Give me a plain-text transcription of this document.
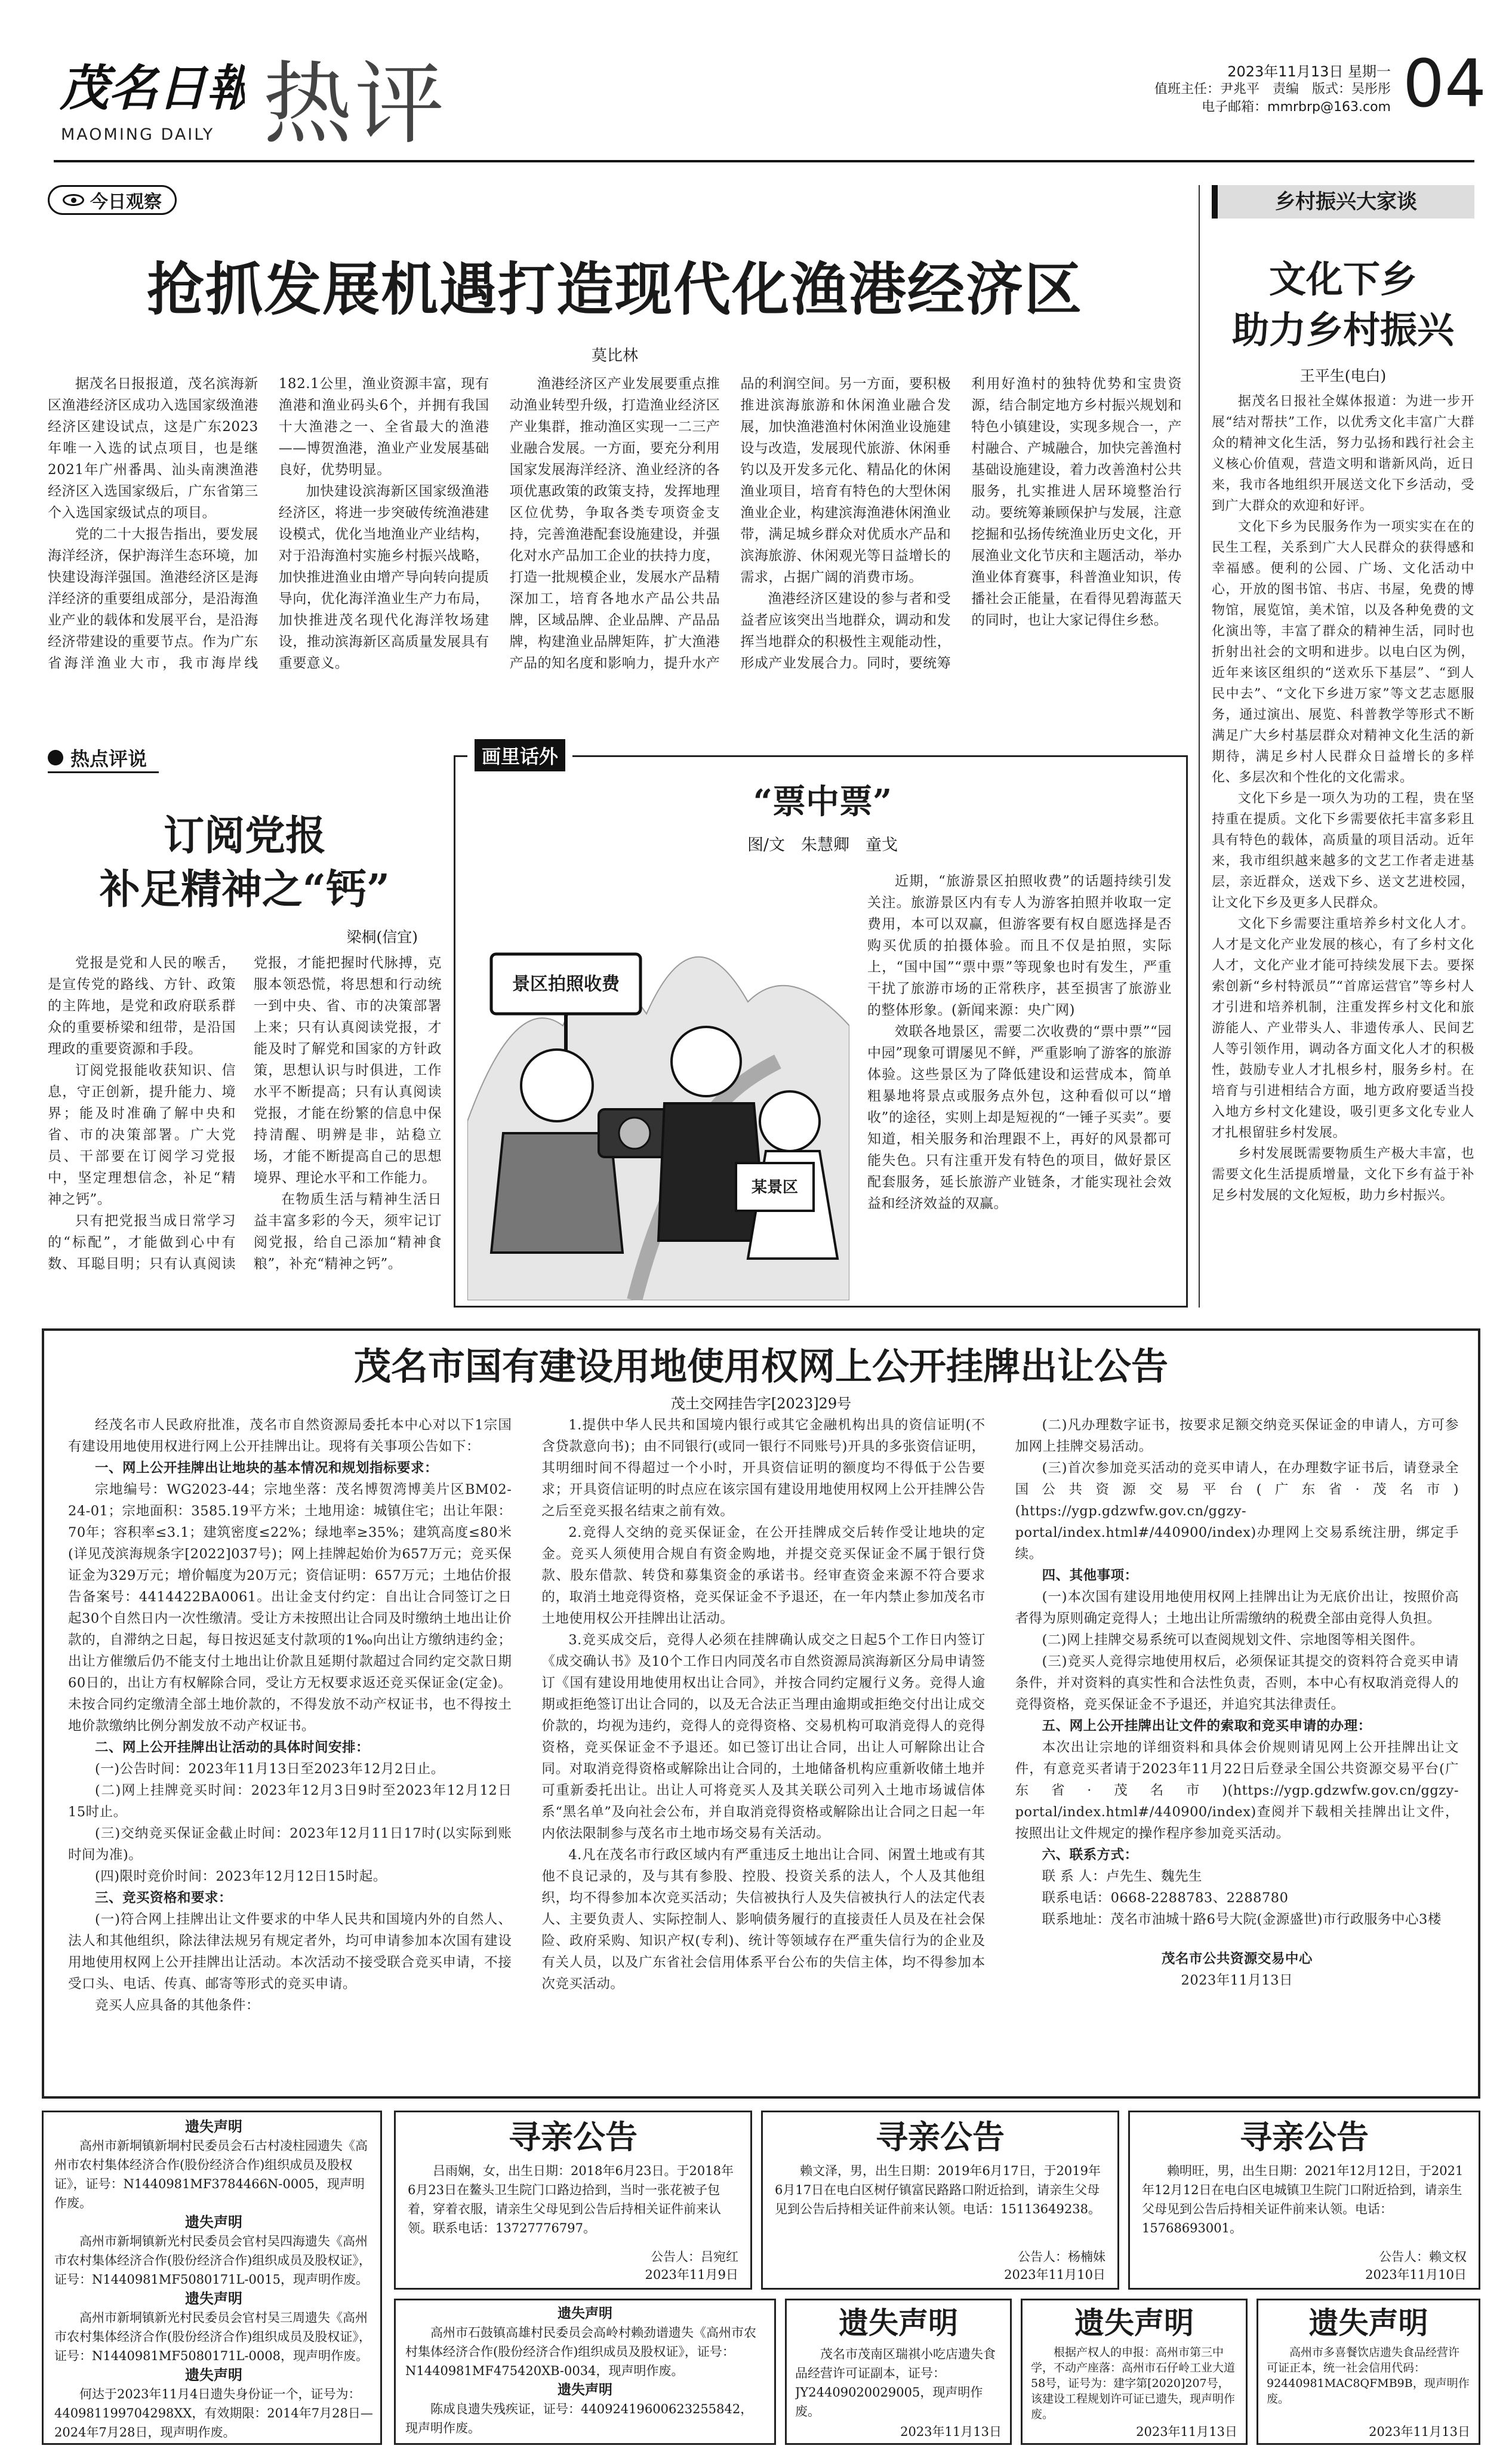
茂名日報
MAOMING DAILY 热评	2023年11月13日 星期一
值班主任：尹兆平　责编　版式：吴彤彤
电子邮箱：mmrbrp@163.com 04
今日观察
抢抓发展机遇打造现代化渔港经济区
莫比林

据茂名日报报道，茂名滨海新区渔港经济区成功入选国家级渔港经济区建设试点，这是广东2023年唯一入选的试点项目，也是继2021年广州番禺、汕头南澳渔港经济区入选国家级后，广东省第三个入选国家级试点的项目。

党的二十大报告指出，要发展海洋经济，保护海洋生态环境，加快建设海洋强国。渔港经济区是海洋经济的重要组成部分，是沿海渔业产业的载体和发展平台，是沿海经济带建设的重要节点。作为广东省海洋渔业大市，我市海岸线182.1公里，渔业资源丰富，现有渔港和渔业码头6个，并拥有我国十大渔港之一、全省最大的渔港——博贺渔港，渔业产业发展基础良好，优势明显。

加快建设滨海新区国家级渔港经济区，将进一步突破传统渔港建设模式，优化当地渔业产业结构，对于沿海渔村实施乡村振兴战略，加快推进渔业由增产导向转向提质导向，优化海洋渔业生产力布局，加快推进茂名现代化海洋牧场建设，推动滨海新区高质量发展具有重要意义。

渔港经济区产业发展要重点推动渔业转型升级，打造渔业经济区产业集群，推动渔区实现一二三产业融合发展。一方面，要充分利用国家发展海洋经济、渔业经济的各项优惠政策的政策支持，发挥地理区位优势，争取各类专项资金支持，完善渔港配套设施建设，并强化对水产品加工企业的扶持力度，打造一批规模企业，发展水产品精深加工，培育各地水产品公共品牌，区域品牌、企业品牌、产品品牌，构建渔业品牌矩阵，扩大渔港产品的知名度和影响力，提升水产品的利润空间。另一方面，要积极推进滨海旅游和休闲渔业融合发展，加快渔港渔村休闲渔业设施建设与改造，发展现代旅游、休闲垂钓以及开发多元化、精品化的休闲渔业项目，培育有特色的大型休闲渔业企业，构建滨海渔港休闲渔业带，满足城乡群众对优质水产品和滨海旅游、休闲观光等日益增长的需求，占据广阔的消费市场。

渔港经济区建设的参与者和受益者应该突出当地群众，调动和发挥当地群众的积极性主观能动性，形成产业发展合力。同时，要统筹利用好渔村的独特优势和宝贵资源，结合制定地方乡村振兴规划和特色小镇建设，实现多规合一，产村融合、产城融合，加快完善渔村基础设施建设，着力改善渔村公共服务，扎实推进人居环境整治行动。要统筹兼顾保护与发展，注意挖掘和弘扬传统渔业历史文化，开展渔业文化节庆和主题活动，举办渔业体育赛事，科普渔业知识，传播社会正能量，在看得见碧海蓝天的同时，也让大家记得住乡愁。

乡村振兴大家谈
文化下乡
助力乡村振兴
王平生(电白)

据茂名日报社全媒体报道：为进一步开展“结对帮扶”工作，以优秀文化丰富广大群众的精神文化生活，努力弘扬和践行社会主义核心价值观，营造文明和谐新风尚，近日来，我市各地组织开展送文化下乡活动，受到广大群众的欢迎和好评。

文化下乡为民服务作为一项实实在在的民生工程，关系到广大人民群众的获得感和幸福感。便利的公园、广场、文化活动中心，开放的图书馆、书店、书屋，免费的博物馆，展览馆，美术馆，以及各种免费的文化演出等，丰富了群众的精神生活，同时也折射出社会的文明和进步。以电白区为例，近年来该区组织的“送欢乐下基层”、“到人民中去”、“文化下乡进万家”等文艺志愿服务，通过演出、展览、科普教学等形式不断满足广大乡村基层群众对精神文化生活的新期待，满足乡村人民群众日益增长的多样化、多层次和个性化的文化需求。

文化下乡是一项久为功的工程，贵在坚持重在提质。文化下乡需要依托丰富多彩且具有特色的载体，高质量的项目活动。近年来，我市组织越来越多的文艺工作者走进基层，亲近群众，送戏下乡、送文艺进校园，让文化下乡及更多人民群众。

文化下乡需要注重培养乡村文化人才。人才是文化产业发展的核心，有了乡村文化人才，文化产业才能可持续发展下去。要探索创新“乡村特派员”“首席运营官”等乡村人才引进和培养机制，注重发挥乡村文化和旅游能人、产业带头人、非遗传承人、民间艺人等引领作用，调动各方面文化人才的积极性，鼓励专业人才扎根乡村，服务乡村。在培育与引进相结合方面，地方政府要适当投入地方乡村文化建设，吸引更多文化专业人才扎根留驻乡村发展。

乡村发展既需要物质生产极大丰富，也需要文化生活提质增量，文化下乡有益于补足乡村发展的文化短板，助力乡村振兴。

热点评说
订阅党报
补足精神之“钙”
梁桐(信宜)

党报是党和人民的喉舌，是宣传党的路线、方针、政策的主阵地，是党和政府联系群众的重要桥梁和纽带，是沿国理政的重要资源和手段。

订阅党报能收获知识、信息，守正创新，提升能力、境界；能及时准确了解中央和省、市的决策部署。广大党员、干部要在订阅学习党报中，坚定理想信念，补足“精神之钙”。

只有把党报当成日常学习的“标配”，才能做到心中有数、耳聪目明；只有认真阅读党报，才能把握时代脉搏，克服本领恐慌，将思想和行动统一到中央、省、市的决策部署上来；只有认真阅读党报，才能及时了解党和国家的方针政策，思想认识与时俱进，工作水平不断提高；只有认真阅读党报，才能在纷繁的信息中保持清醒、明辨是非，站稳立场，才能不断提高自己的思想境界、理论水平和工作能力。

在物质生活与精神生活日益丰富多彩的今天，须牢记订阅党报，给自己添加“精神食粮”，补充“精神之钙”。

画里话外
“票中票”
图/文　朱慧卿　童戈
景区拍照收费
某景区

近期，“旅游景区拍照收费”的话题持续引发关注。旅游景区内有专人为游客拍照并收取一定费用，本可以双赢，但游客要有权自愿选择是否购买优质的拍摄体验。而且不仅是拍照，实际上，“国中国”“票中票”等现象也时有发生，严重干扰了旅游市场的正常秩序，甚至损害了旅游业的整体形象。(新闻来源：央广网)

效联各地景区，需要二次收费的“票中票”“园中园”现象可谓屡见不鲜，严重影响了游客的旅游体验。这些景区为了降低建设和运营成本，简单粗暴地将景点或服务点外包，这种看似可以“增收”的途径，实则上却是短视的“一锤子买卖”。要知道，相关服务和治理跟不上，再好的风景都可能失色。只有注重开发有特色的项目，做好景区配套服务，延长旅游产业链条，才能实现社会效益和经济效益的双赢。

茂名市国有建设用地使用权网上公开挂牌出让公告
茂土交网挂告字[2023]29号

经茂名市人民政府批准，茂名市自然资源局委托本中心对以下1宗国有建设用地使用权进行网上公开挂牌出让。现将有关事项公告如下：

一、网上公开挂牌出让地块的基本情况和规划指标要求：

宗地编号：WG2023-44；宗地坐落：茂名博贺湾博美片区BM02-24-01；宗地面积：3585.19平方米；土地用途：城镇住宅；出让年限：70年；容积率≤3.1；建筑密度≤22%；绿地率≥35%；建筑高度≤80米(详见茂滨海规条字[2022]037号)；网上挂牌起始价为657万元；竞买保证金为329万元；增价幅度为20万元；资信证明：657万元；土地估价报告备案号：4414422BA0061。出让金支付约定：自出让合同签订之日起30个自然日内一次性缴清。受让方未按照出让合同及时缴纳土地出让价款的，自滞纳之日起，每日按迟延支付款项的1‰向出让方缴纳违约金；出让方催缴后仍不能支付土地出让价款且延期付款超过合同约定交款日期60日的，出让方有权解除合同，受让方无权要求返还竞买保证金(定金)。未按合同约定缴清全部土地价款的，不得发放不动产权证书，也不得按土地价款缴纳比例分割发放不动产权证书。

二、网上公开挂牌出让活动的具体时间安排：

(一)公告时间：2023年11月13日至2023年12月2日止。

(二)网上挂牌竞买时间：2023年12月3日9时至2023年12月12日15时止。

(三)交纳竞买保证金截止时间：2023年12月11日17时(以实际到账时间为准)。

(四)限时竞价时间：2023年12月12日15时起。

三、竞买资格和要求：

(一)符合网上挂牌出让文件要求的中华人民共和国境内外的自然人、法人和其他组织，除法律法规另有规定者外，均可申请参加本次国有建设用地使用权网上公开挂牌出让活动。本次活动不接受联合竞买申请，不接受口头、电话、传真、邮寄等形式的竞买申请。

竞买人应具备的其他条件：

1.提供中华人民共和国境内银行或其它金融机构出具的资信证明(不含贷款意向书)；由不同银行(或同一银行不同账号)开具的多张资信证明，其明细时间不得超过一个小时，开具资信证明的额度均不得低于公告要求；开具资信证明的时点应在该宗国有建设用地使用权网上公开挂牌公告之后至竞买报名结束之前有效。

2.竞得人交纳的竞买保证金，在公开挂牌成交后转作受让地块的定金。竞买人须使用合规自有资金购地，并提交竞买保证金不属于银行贷款、股东借款、转贷和募集资金的承诺书。经审查资金来源不符合要求的，取消土地竞得资格，竞买保证金不予退还，在一年内禁止参加茂名市土地使用权公开挂牌出让活动。

3.竞买成交后，竞得人必须在挂牌确认成交之日起5个工作日内签订《成交确认书》及10个工作日内同茂名市自然资源局滨海新区分局申请签订《国有建设用地使用权出让合同》，并按合同约定履行义务。竞得人逾期或拒绝签订出让合同的，以及无合法正当理由逾期或拒绝交付出让成交价款的，均视为违约，竞得人的竞得资格、交易机构可取消竞得人的竞得资格，竞买保证金不予退还。如已签订出让合同，出让人可解除出让合同。对取消竞得资格或解除出让合同的，土地储备机构应重新收储土地并可重新委托出让。出让人可将竞买人及其关联公司列入土地市场诚信体系“黑名单”及向社会公布，并自取消竞得资格或解除出让合同之日起一年内依法限制参与茂名市土地市场交易有关活动。

4.凡在茂名市行政区域内有严重违反土地出让合同、闲置土地或有其他不良记录的，及与其有参股、控股、投资关系的法人，个人及其他组织，均不得参加本次竞买活动；失信被执行人及失信被执行人的法定代表人、主要负责人、实际控制人、影响债务履行的直接责任人员及在社会保险、政府采购、知识产权(专利)、统计等领域存在严重失信行为的企业及有关人员，以及广东省社会信用体系平台公布的失信主体，均不得参加本次竞买活动。

(二)凡办理数字证书，按要求足额交纳竞买保证金的申请人，方可参加网上挂牌交易活动。

(三)首次参加竞买活动的竞买申请人，在办理数字证书后，请登录全国公共资源交易平台(广东省·茂名市)(https://ygp.gdzwfw.gov.cn/ggzy-portal/index.html#/440900/index)办理网上交易系统注册，绑定手续。

四、其他事项：

(一)本次国有建设用地使用权网上挂牌出让为无底价出让，按照价高者得为原则确定竞得人；土地出让所需缴纳的税费全部由竞得人负担。

(二)网上挂牌交易系统可以查阅规划文件、宗地图等相关图件。

(三)竞买人竞得宗地使用权后，必须保证其提交的资料符合竞买申请条件，并对资料的真实性和合法性负责，否则，本中心有权取消竞得人的竞得资格，竞买保证金不予退还，并追究其法律责任。

五、网上公开挂牌出让文件的索取和竞买申请的办理：

本次出让宗地的详细资料和具体会价规则请见网上公开挂牌出让文件，有意竞买者请于2023年11月22日后登录全国公共资源交易平台(广东省·茂名市)(https://ygp.gdzwfw.gov.cn/ggzy-portal/index.html#/440900/index)查阅并下载相关挂牌出让文件，按照出让文件规定的操作程序参加竞买活动。

六、联系方式：

联 系 人：卢先生、魏先生

联系电话：0668-2288783、2288780

联系地址：茂名市油城十路6号大院(金源盛世)市行政服务中心3楼

茂名市公共资源交易中心

2023年11月13日

遗失声明

高州市新垌镇新垌村民委员会石古村凌柱园遗失《高州市农村集体经济合作(股份经济合作)组织成员及股权证》，证号：N1440981MF3784466N-0005，现声明作废。

遗失声明

高州市新垌镇新光村民委员会官村吴四海遗失《高州市农村集体经济合作(股份经济合作)组织成员及股权证》，证号：N1440981MF5080171L-0015，现声明作废。

遗失声明

高州市新垌镇新光村民委员会官村吴三周遗失《高州市农村集体经济合作(股份经济合作)组织成员及股权证》，证号：N1440981MF5080171L-0008，现声明作废。

遗失声明

何达于2023年11月4日遗失身份证一个，证号为：440981199704298XX，有效期限：2014年7月28日—2024年7月28日，现声明作废。

寻亲公告
吕雨娴，女，出生日期：2018年6月23日。于2018年6月23日在鳌头卫生院门口路边拾到，当时一张花被子包着，穿着衣服，请亲生父母见到公告后持相关证件前来认领。联系电话：13727776797。
公告人：吕宛红
2023年11月9日
寻亲公告
赖文泽，男，出生日期：2019年6月17日，于2019年6月17日在电白区树仔镇富民路路口附近拾到，请亲生父母见到公告后持相关证件前来认领。电话：15113649238。
公告人：杨楠妹
2023年11月10日
寻亲公告
赖明旺，男，出生日期：2021年12月12日，于2021年12月12日在电白区电城镇卫生院门口附近拾到，请亲生父母见到公告后持相关证件前来认领。电话：15768693001。
公告人：赖文权
2023年11月10日

遗失声明

高州市石鼓镇高雄村民委员会高岭村赖劲谱遗失《高州市农村集体经济合作(股份经济合作)组织成员及股权证》，证号：N1440981MF475420XB-0034，现声明作废。

遗失声明

陈成良遗失残疾证，证号：44092419600623255842，现声明作废。

遗失声明
茂名市茂南区瑞祺小吃店遗失食品经营许可证副本，证号：JY24409020029005，现声明作废。
2023年11月13日
遗失声明
根据产权人的申报：高州市第三中学，不动产座落：高州市石仔岭工业大道58号，证号为：建字第[2020]207号，该建设工程规划许可证已遗失，现声明作废。
2023年11月13日
遗失声明
高州市多喜餐饮店遗失食品经营许可证正本，统一社会信用代码：92440981MAC8QFMB9B，现声明作废。
2023年11月13日
